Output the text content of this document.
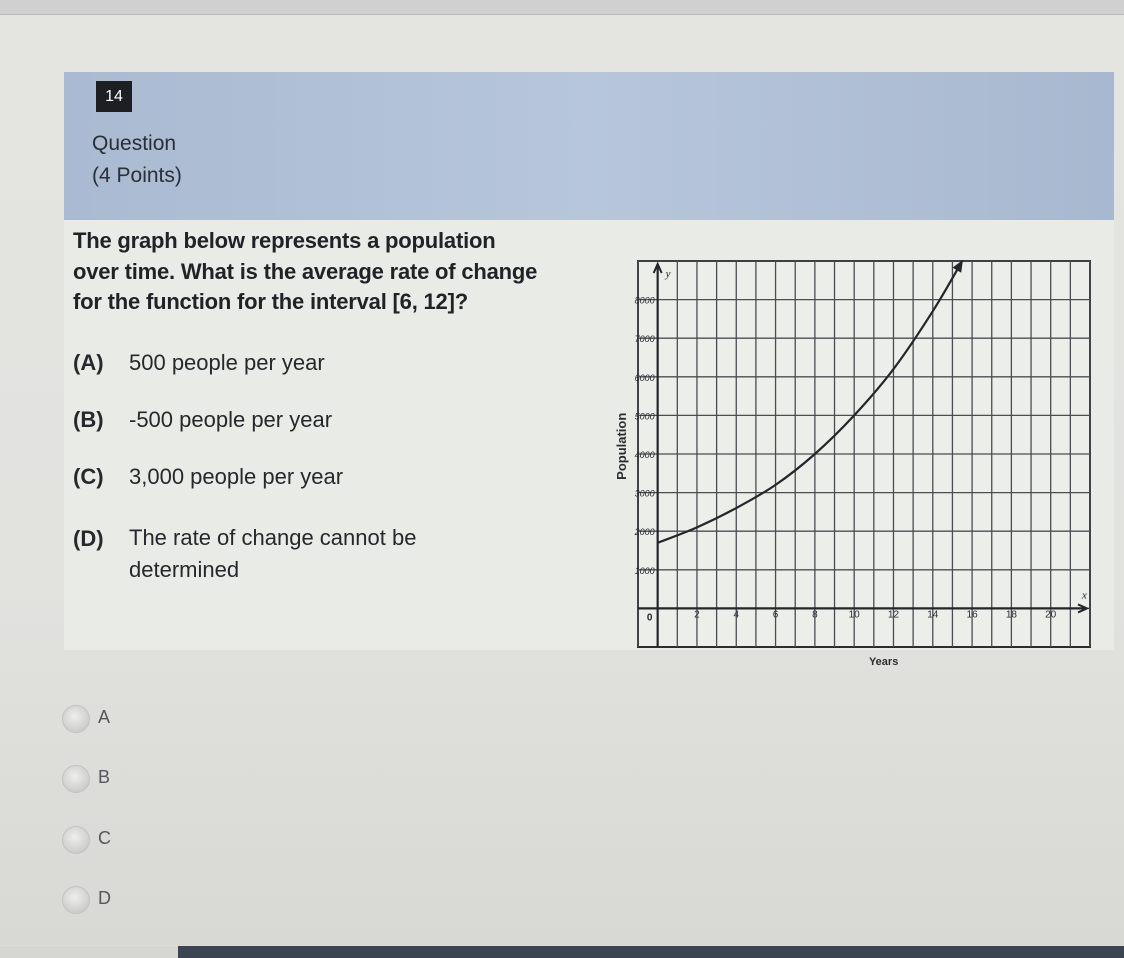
14
Question
(4 Points)
The graph below represents a population over time. What is the average rate of change for the function for the interval [6, 12]?
(A) 500 people per year
(B) -500 people per year
(C) 3,000 people per year
(D) The rate of change cannot be determined
y
x
0	2	4	6	8	10	12	14	16	18	20
1000
2000
3000
4000
5000
6000
7000
8000
Years
Population
A
B
C
D
